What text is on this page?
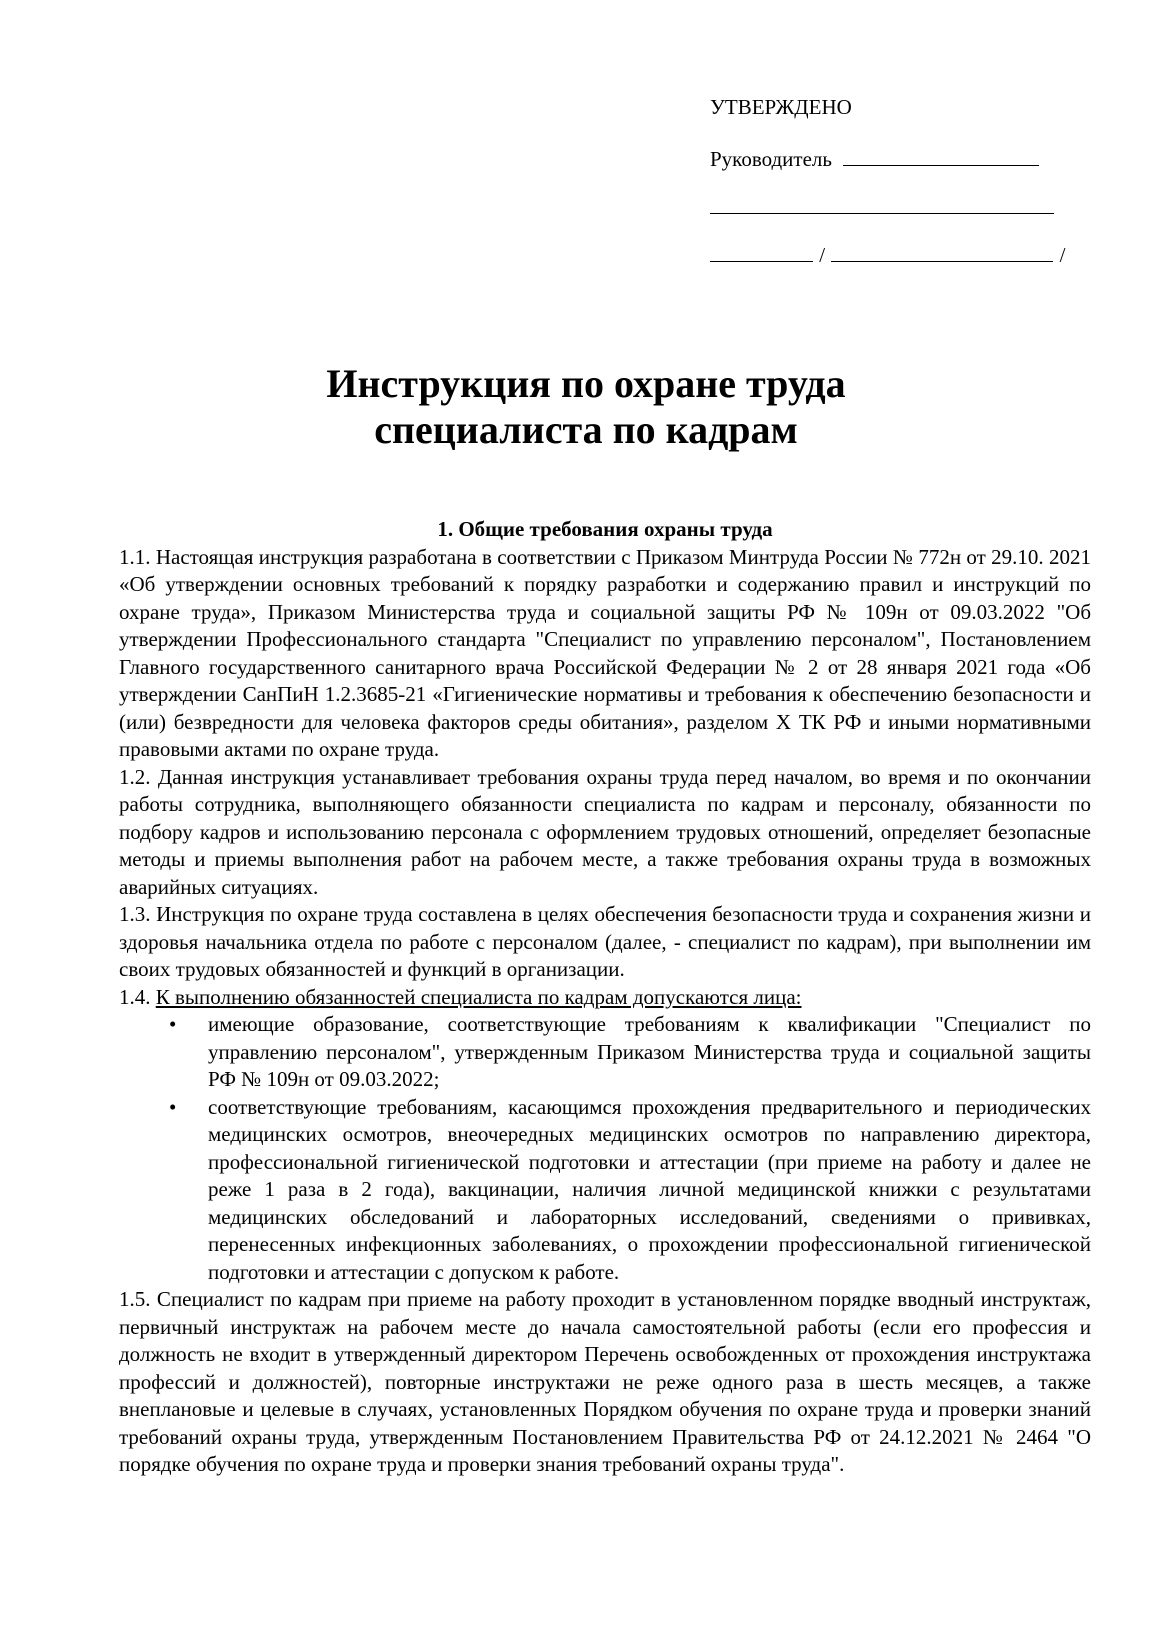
УТВЕРЖДЕНО
Руководитель
/	/
Инструкция по охране труда
специалиста по кадрам

1. Общие требования охраны труда

1.1. Настоящая инструкция разработана в соответствии с Приказом Минтруда России № 772н от 29.10. 2021 «Об утверждении основных требований к порядку разработки и содержанию правил и инструкций по охране труда», Приказом Министерства труда и социальной защиты РФ № 109н от 09.03.2022 "Об утверждении Профессионального стандарта "Специалист по управлению персоналом", Постановлением Главного государственного санитарного врача Российской Федерации № 2 от 28 января 2021 года «Об утверждении СанПиН 1.2.3685-21 «Гигиенические нормативы и требования к обеспечению безопасности и (или) безвредности для человека факторов среды обитания», разделом X ТК РФ и иными нормативными правовыми актами по охране труда.

1.2. Данная инструкция устанавливает требования охраны труда перед началом, во время и по окончании работы сотрудника, выполняющего обязанности специалиста по кадрам и персоналу, обязанности по подбору кадров и использованию персонала с оформлением трудовых отношений, определяет безопасные методы и приемы выполнения работ на рабочем месте, а также требования охраны труда в возможных аварийных ситуациях.

1.3. Инструкция по охране труда составлена в целях обеспечения безопасности труда и сохранения жизни и здоровья начальника отдела по работе с персоналом (далее, - специалист по кадрам), при выполнении им своих трудовых обязанностей и функций в организации.

1.4. К выполнению обязанностей специалиста по кадрам допускаются лица:

• имеющие образование, соответствующие требованиям к квалификации "Специалист по управлению персоналом", утвержденным Приказом Министерства труда и социальной защиты РФ № 109н от 09.03.2022;
• соответствующие требованиям, касающимся прохождения предварительного и периодических медицинских осмотров, внеочередных медицинских осмотров по направлению директора, профессиональной гигиенической подготовки и аттестации (при приеме на работу и далее не реже 1 раза в 2 года), вакцинации, наличия личной медицинской книжки с результатами медицинских обследований и лабораторных исследований, сведениями о прививках, перенесенных инфекционных заболеваниях, о прохождении профессиональной гигиенической подготовки и аттестации с допуском к работе.

1.5. Специалист по кадрам при приеме на работу проходит в установленном порядке вводный инструктаж, первичный инструктаж на рабочем месте до начала самостоятельной работы (если его профессия и должность не входит в утвержденный директором Перечень освобожденных от прохождения инструктажа профессий и должностей), повторные инструктажи не реже одного раза в шесть месяцев, а также внеплановые и целевые в случаях, установленных Порядком обучения по охране труда и проверки знаний требований охраны труда, утвержденным Постановлением Правительства РФ от 24.12.2021 № 2464 "О порядке обучения по охране труда и проверки знания требований охраны труда".
